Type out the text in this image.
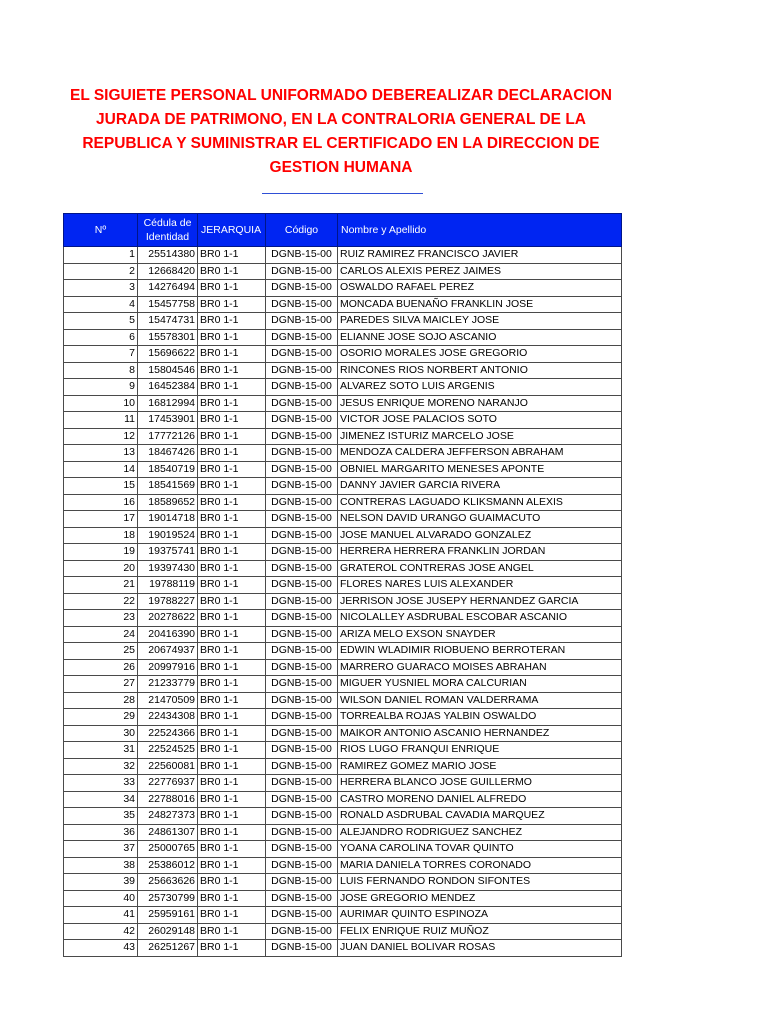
EL SIGUIETE PERSONAL UNIFORMADO DEBEREALIZAR DECLARACION JURADA DE PATRIMONO, EN LA CONTRALORIA GENERAL DE LA REPUBLICA Y SUMINISTRAR EL CERTIFICADO EN LA DIRECCION DE GESTION HUMANA
Nº	Cédula de Identidad	JERARQUIA	Código	Nombre y Apellido
1	25514380	BR0 1-1	DGNB-15-00	RUIZ RAMIREZ FRANCISCO JAVIER
2	12668420	BR0 1-1	DGNB-15-00	CARLOS ALEXIS PEREZ JAIMES
3	14276494	BR0 1-1	DGNB-15-00	OSWALDO RAFAEL PEREZ
4	15457758	BR0 1-1	DGNB-15-00	MONCADA BUENAÑO FRANKLIN JOSE
5	15474731	BR0 1-1	DGNB-15-00	PAREDES SILVA MAICLEY JOSE
6	15578301	BR0 1-1	DGNB-15-00	ELIANNE JOSE SOJO ASCANIO
7	15696622	BR0 1-1	DGNB-15-00	OSORIO MORALES JOSE GREGORIO
8	15804546	BR0 1-1	DGNB-15-00	RINCONES RIOS NORBERT ANTONIO
9	16452384	BR0 1-1	DGNB-15-00	ALVAREZ SOTO LUIS ARGENIS
10	16812994	BR0 1-1	DGNB-15-00	JESUS ENRIQUE MORENO NARANJO
11	17453901	BR0 1-1	DGNB-15-00	VICTOR JOSE PALACIOS SOTO
12	17772126	BR0 1-1	DGNB-15-00	JIMENEZ ISTURIZ MARCELO JOSE
13	18467426	BR0 1-1	DGNB-15-00	MENDOZA CALDERA JEFFERSON ABRAHAM
14	18540719	BR0 1-1	DGNB-15-00	OBNIEL MARGARITO MENESES APONTE
15	18541569	BR0 1-1	DGNB-15-00	DANNY JAVIER GARCIA RIVERA
16	18589652	BR0 1-1	DGNB-15-00	CONTRERAS LAGUADO KLIKSMANN ALEXIS
17	19014718	BR0 1-1	DGNB-15-00	NELSON DAVID URANGO GUAIMACUTO
18	19019524	BR0 1-1	DGNB-15-00	JOSE MANUEL ALVARADO GONZALEZ
19	19375741	BR0 1-1	DGNB-15-00	HERRERA HERRERA FRANKLIN JORDAN
20	19397430	BR0 1-1	DGNB-15-00	GRATEROL CONTRERAS JOSE ANGEL
21	19788119	BR0 1-1	DGNB-15-00	FLORES NARES LUIS ALEXANDER
22	19788227	BR0 1-1	DGNB-15-00	JERRISON JOSE JUSEPY HERNANDEZ GARCIA
23	20278622	BR0 1-1	DGNB-15-00	NICOLALLEY ASDRUBAL ESCOBAR ASCANIO
24	20416390	BR0 1-1	DGNB-15-00	ARIZA MELO EXSON SNAYDER
25	20674937	BR0 1-1	DGNB-15-00	EDWIN WLADIMIR RIOBUENO BERROTERAN
26	20997916	BR0 1-1	DGNB-15-00	MARRERO GUARACO MOISES ABRAHAN
27	21233779	BR0 1-1	DGNB-15-00	MIGUER YUSNIEL MORA CALCURIAN
28	21470509	BR0 1-1	DGNB-15-00	WILSON DANIEL ROMAN VALDERRAMA
29	22434308	BR0 1-1	DGNB-15-00	TORREALBA ROJAS YALBIN OSWALDO
30	22524366	BR0 1-1	DGNB-15-00	MAIKOR ANTONIO ASCANIO HERNANDEZ
31	22524525	BR0 1-1	DGNB-15-00	RIOS LUGO FRANQUI ENRIQUE
32	22560081	BR0 1-1	DGNB-15-00	RAMIREZ GOMEZ MARIO JOSE
33	22776937	BR0 1-1	DGNB-15-00	HERRERA BLANCO JOSE GUILLERMO
34	22788016	BR0 1-1	DGNB-15-00	CASTRO MORENO DANIEL ALFREDO
35	24827373	BR0 1-1	DGNB-15-00	RONALD ASDRUBAL CAVADIA MARQUEZ
36	24861307	BR0 1-1	DGNB-15-00	ALEJANDRO RODRIGUEZ SANCHEZ
37	25000765	BR0 1-1	DGNB-15-00	YOANA CAROLINA TOVAR QUINTO
38	25386012	BR0 1-1	DGNB-15-00	MARIA DANIELA TORRES CORONADO
39	25663626	BR0 1-1	DGNB-15-00	LUIS FERNANDO RONDON SIFONTES
40	25730799	BR0 1-1	DGNB-15-00	JOSE GREGORIO MENDEZ
41	25959161	BR0 1-1	DGNB-15-00	AURIMAR QUINTO ESPINOZA
42	26029148	BR0 1-1	DGNB-15-00	FELIX ENRIQUE RUIZ MUÑOZ
43	26251267	BR0 1-1	DGNB-15-00	JUAN DANIEL BOLIVAR ROSAS
